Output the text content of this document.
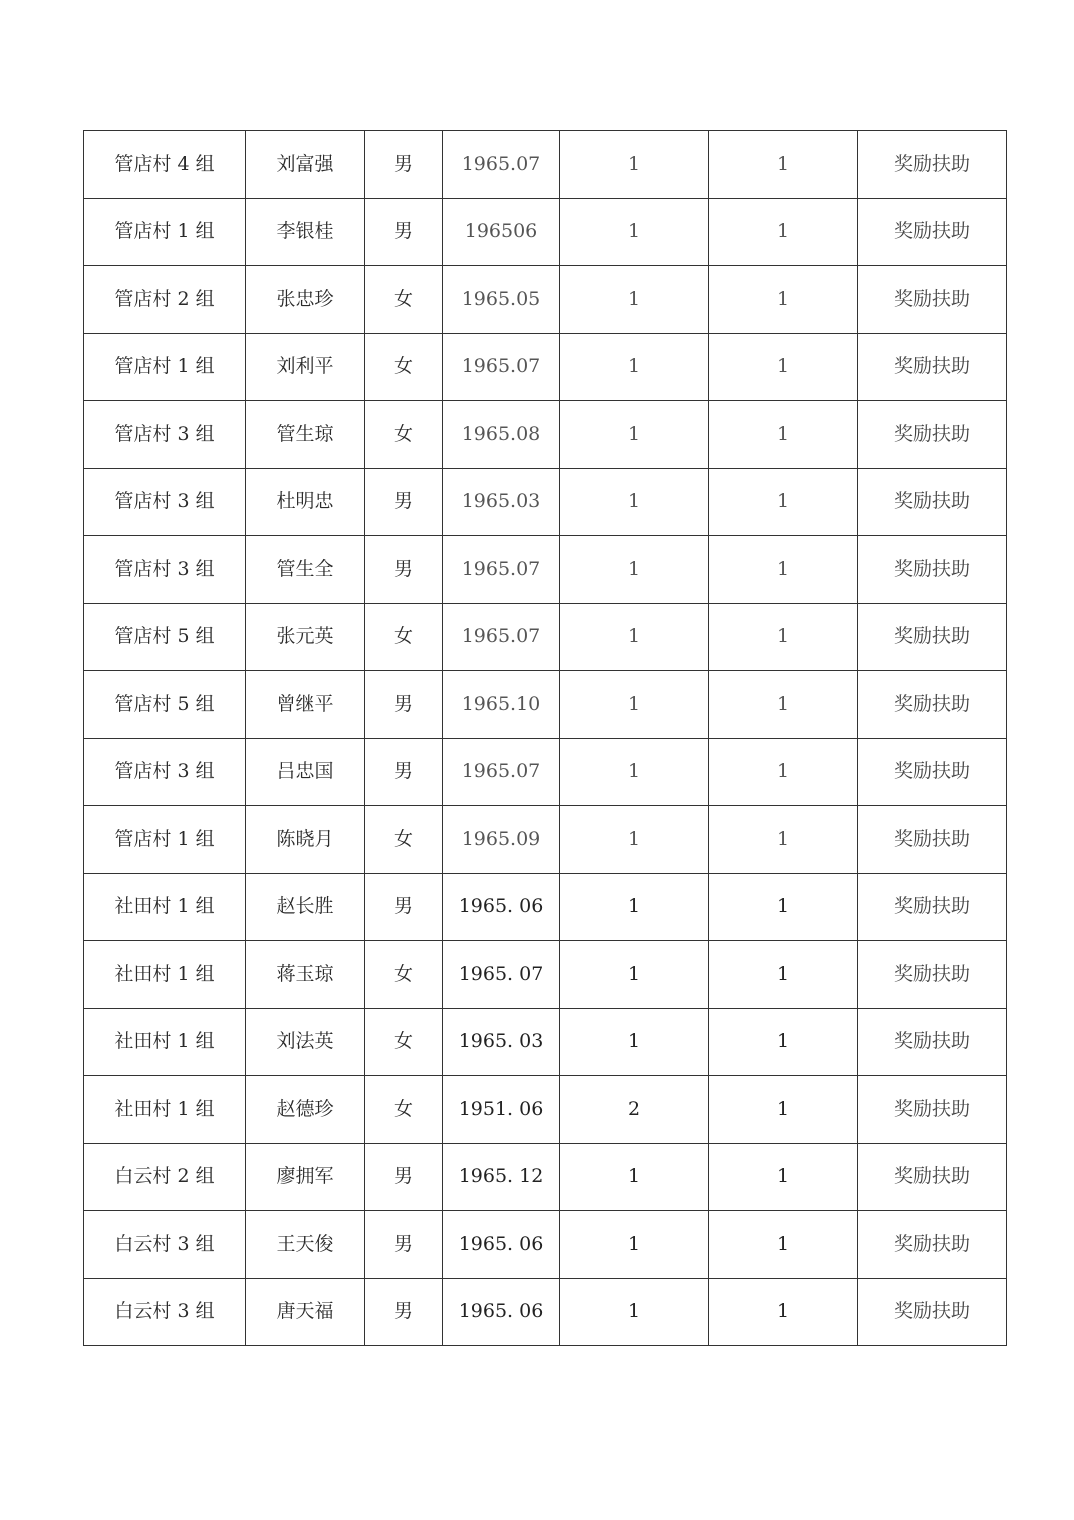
管店村 4 组	刘富强	男	1965.07	1	1	奖励扶助
管店村 1 组	李银桂	男	196506	1	1	奖励扶助
管店村 2 组	张忠珍	女	1965.05	1	1	奖励扶助
管店村 1 组	刘利平	女	1965.07	1	1	奖励扶助
管店村 3 组	管生琼	女	1965.08	1	1	奖励扶助
管店村 3 组	杜明忠	男	1965.03	1	1	奖励扶助
管店村 3 组	管生全	男	1965.07	1	1	奖励扶助
管店村 5 组	张元英	女	1965.07	1	1	奖励扶助
管店村 5 组	曾继平	男	1965.10	1	1	奖励扶助
管店村 3 组	吕忠国	男	1965.07	1	1	奖励扶助
管店村 1 组	陈晓月	女	1965.09	1	1	奖励扶助
社田村 1 组	赵长胜	男	1965. 06	1	1	奖励扶助
社田村 1 组	蒋玉琼	女	1965. 07	1	1	奖励扶助
社田村 1 组	刘法英	女	1965. 03	1	1	奖励扶助
社田村 1 组	赵德珍	女	1951. 06	2	1	奖励扶助
白云村 2 组	廖拥军	男	1965. 12	1	1	奖励扶助
白云村 3 组	王天俊	男	1965. 06	1	1	奖励扶助
白云村 3 组	唐天福	男	1965. 06	1	1	奖励扶助
